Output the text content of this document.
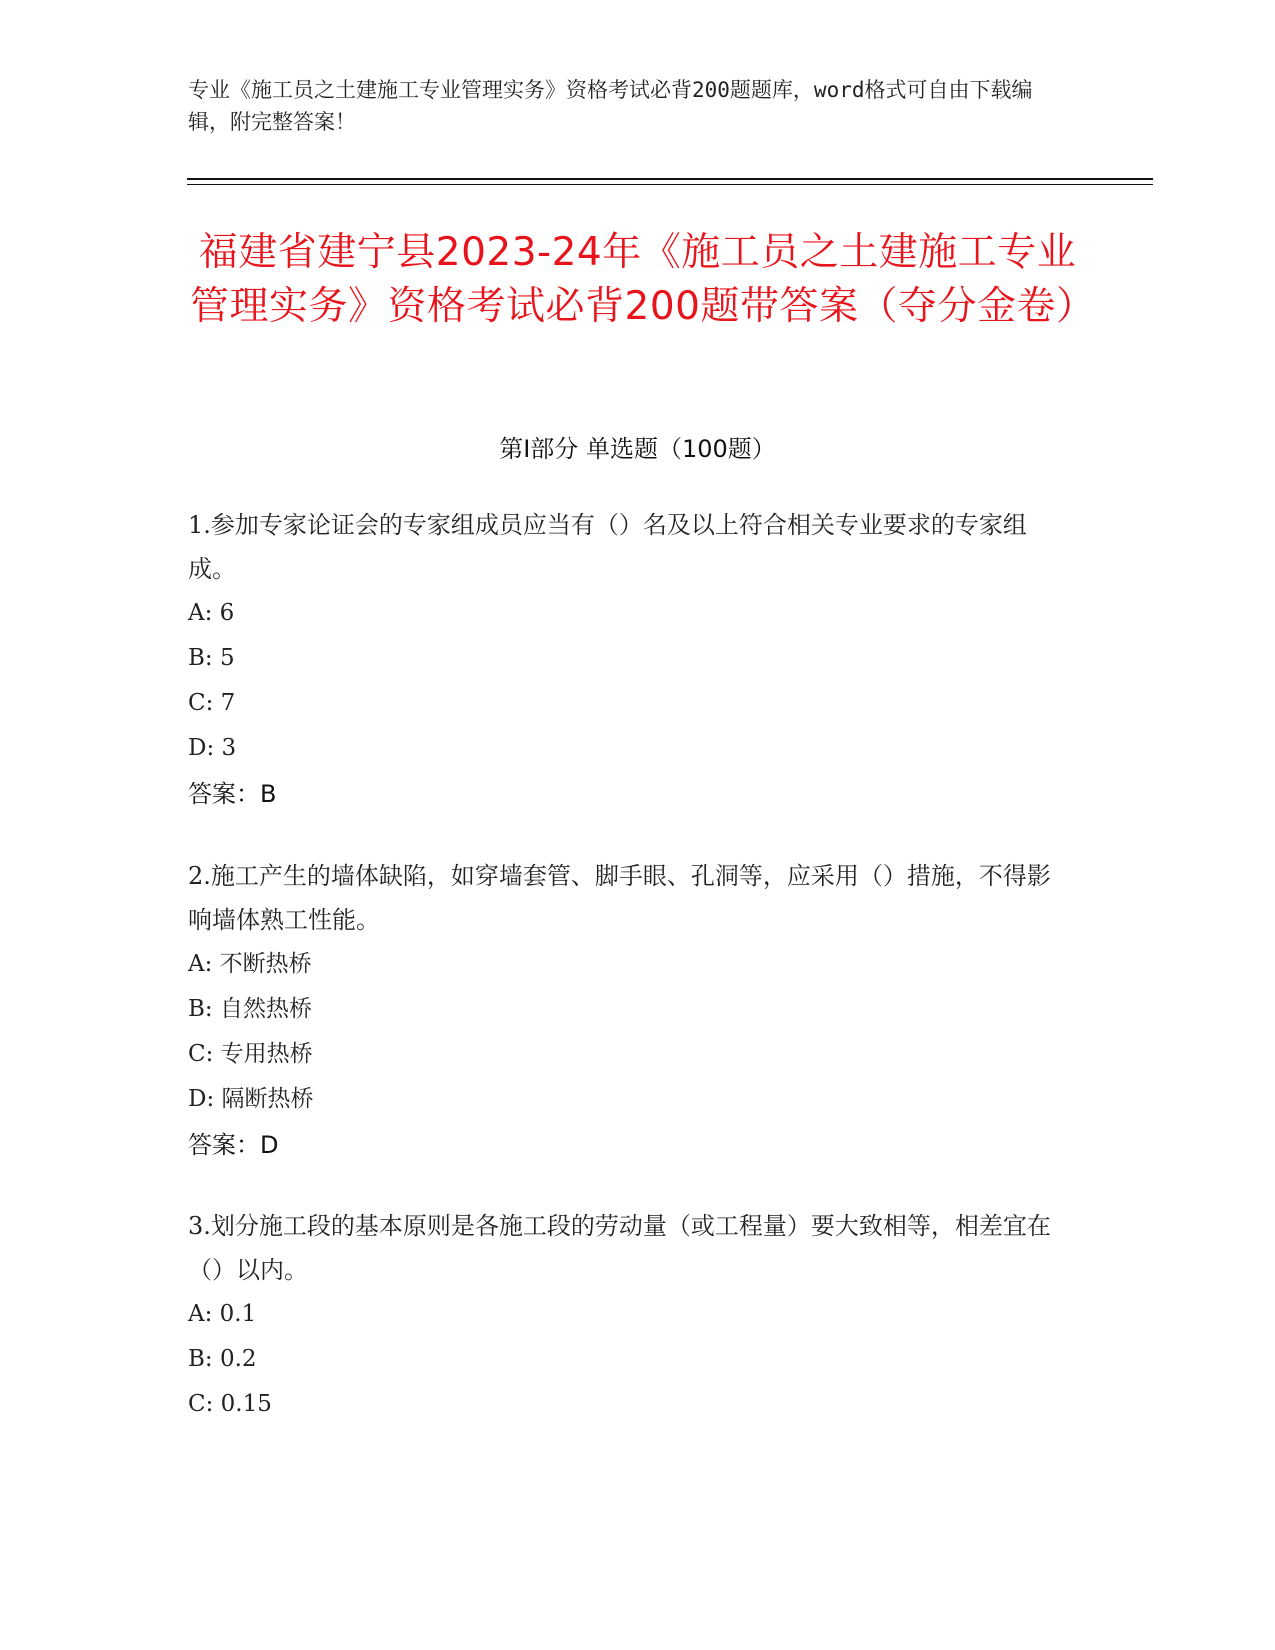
专业《施工员之土建施工专业管理实务》资格考试必背200题题库，word格式可自由下载编辑，附完整答案！
福建省建宁县2023-24年《施工员之土建施工专业管理实务》资格考试必背200题带答案（夺分金卷）
第Ⅰ部分 单选题（100题）

1.参加专家论证会的专家组成员应当有（）名及以上符合相关专业要求的专家组成。

A: 6

B: 5

C: 7

D: 3

答案：B

2.施工产生的墙体缺陷，如穿墙套管、脚手眼、孔洞等，应采用（）措施，不得影响墙体熟工性能。

A: 不断热桥

B: 自然热桥

C: 专用热桥

D: 隔断热桥

答案：D

3.划分施工段的基本原则是各施工段的劳动量（或工程量）要大致相等，相差宜在（）以内。

A: 0.1

B: 0.2

C: 0.15
